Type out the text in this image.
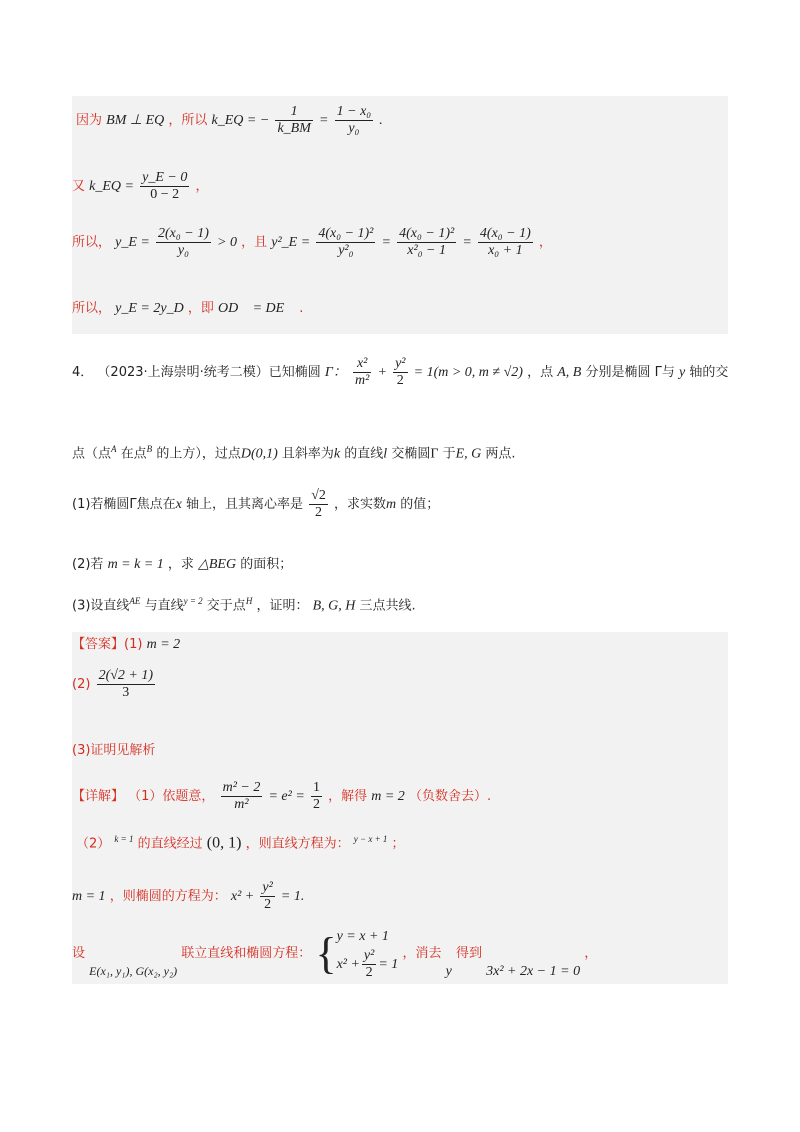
因为 BM ⊥ EQ ，所以 k_EQ = − $\frac{1}{k\_BM} = \frac{\text{1 − x₀}}{\text{y₀}}$ .
又 k_EQ = $\frac{y\_E - 0}{0 - 2}$ ，
所以， y_E = $\frac{\text{2(x₀ − 1)}}{\text{y₀}} > 0$ ，且 y²_E = $\frac{\text{4(x₀ − 1)²}}{\text{y²₀}} = \frac{\text{4(x₀ − 1)²}}{\text{x²₀ − 1}} = \frac{\text{4(x₀ − 1)}}{\text{x₀ + 1}}$ ，
所以， y_E = 2y_D ，即 OD⃗ = DE⃗ .
4． （2023·上海崇明·统考二模）已知椭圆 Γ： $\frac{\text{x²}}{\text{m²}} + \frac{\text{y²}}{2} = 1(m > 0$, m ≠ √2) ，点 A, B 分别是椭圆 Γ与 y 轴的交
点（点$^A$ 在点$^B$ 的上方），过点D(0,1) 且斜率为k 的直线l 交椭圆Γ 于E, G 两点.
(1)若椭圆Γ焦点在x 轴上，且其离心率是 $\frac{√2}{2}$ ，求实数m 的值；
(2)若 m = k = 1 ，求 △BEG 的面积；
(3)设直线$^{AE}$ 与直线$^{y = 2}$ 交于点$^H$ ，证明： B, G, H 三点共线.
【答案】(1) m = 2
$(2) \frac{2(√2 + 1)}{3}$
(3)证明见解析
【详解】 （1）依题意， $\frac{\text{m² − 2}}{\text{m²}} = e^2 = \frac{1}{2}$ ，解得 m = 2 （负数舍去）.
（2） $^{k = 1}$ 的直线经过 (0, 1) ，则直线方程为： $^{y - x + 1}$ ；
m = 1 ，则椭圆的方程为： $x^2 + \frac{\text{y²}}{2} = 1$.
设 E(x₁, y₁), G(x₂, y₂) 联立直线和椭圆方程： { y = x + 1
$x^2 + \frac{\text{y²}}{2} = 1$
，消去 y 得到 3x² + 2x − 1 = 0 ，
